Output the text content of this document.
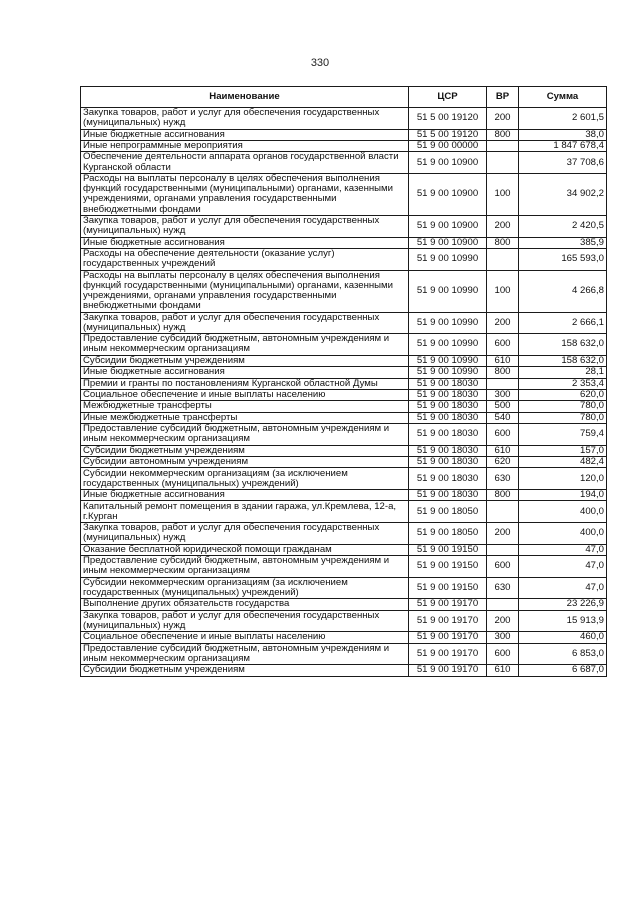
330
Наименование	ЦСР	ВР	Сумма
Закупка товаров, работ и услуг для обеспечения государственных (муниципальных) нужд	51 5 00 19120	200	2 601,5
Иные бюджетные ассигнования	51 5 00 19120	800	38,0
Иные непрограммные мероприятия	51 9 00 00000		1 847 678,4
Обеспечение деятельности аппарата органов государственной власти Курганской области	51 9 00 10900		37 708,6
Расходы на выплаты персоналу в целях обеспечения выполнения функций государственными (муниципальными) органами, казенными учреждениями, органами управления государственными внебюджетными фондами	51 9 00 10900	100	34 902,2
Закупка товаров, работ и услуг для обеспечения государственных (муниципальных) нужд	51 9 00 10900	200	2 420,5
Иные бюджетные ассигнования	51 9 00 10900	800	385,9
Расходы на обеспечение деятельности (оказание услуг) государственных учреждений	51 9 00 10990		165 593,0
Расходы на выплаты персоналу в целях обеспечения выполнения функций государственными (муниципальными) органами, казенными учреждениями, органами управления государственными внебюджетными фондами	51 9 00 10990	100	4 266,8
Закупка товаров, работ и услуг для обеспечения государственных (муниципальных) нужд	51 9 00 10990	200	2 666,1
Предоставление субсидий бюджетным, автономным учреждениям и иным некоммерческим организациям	51 9 00 10990	600	158 632,0
Субсидии бюджетным учреждениям	51 9 00 10990	610	158 632,0
Иные бюджетные ассигнования	51 9 00 10990	800	28,1
Премии и гранты по постановлениям Курганской областной Думы	51 9 00 18030		2 353,4
Социальное обеспечение и иные выплаты населению	51 9 00 18030	300	620,0
Межбюджетные трансферты	51 9 00 18030	500	780,0
Иные межбюджетные трансферты	51 9 00 18030	540	780,0
Предоставление субсидий бюджетным, автономным учреждениям и иным некоммерческим организациям	51 9 00 18030	600	759,4
Субсидии бюджетным учреждениям	51 9 00 18030	610	157,0
Субсидии автономным учреждениям	51 9 00 18030	620	482,4
Субсидии некоммерческим организациям (за исключением государственных (муниципальных) учреждений)	51 9 00 18030	630	120,0
Иные бюджетные ассигнования	51 9 00 18030	800	194,0
Капитальный ремонт помещения в здании гаража, ул.Кремлева, 12-а, г.Курган	51 9 00 18050		400,0
Закупка товаров, работ и услуг для обеспечения государственных (муниципальных) нужд	51 9 00 18050	200	400,0
Оказание бесплатной юридической помощи гражданам	51 9 00 19150		47,0
Предоставление субсидий бюджетным, автономным учреждениям и иным некоммерческим организациям	51 9 00 19150	600	47,0
Субсидии некоммерческим организациям (за исключением государственных (муниципальных) учреждений)	51 9 00 19150	630	47,0
Выполнение других обязательств государства	51 9 00 19170		23 226,9
Закупка товаров, работ и услуг для обеспечения государственных (муниципальных) нужд	51 9 00 19170	200	15 913,9
Социальное обеспечение и иные выплаты населению	51 9 00 19170	300	460,0
Предоставление субсидий бюджетным, автономным учреждениям и иным некоммерческим организациям	51 9 00 19170	600	6 853,0
Субсидии бюджетным учреждениям	51 9 00 19170	610	6 687,0
